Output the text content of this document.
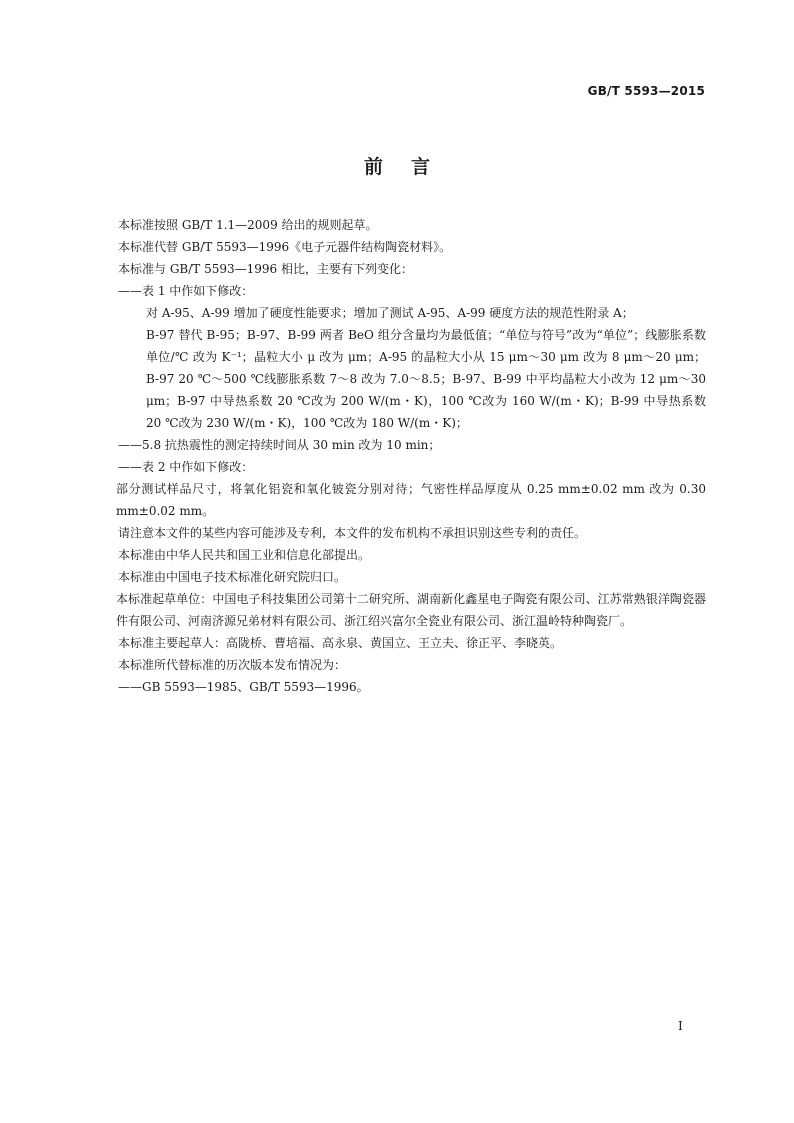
GB/T 5593—2015
前言

本标准按照 GB/T 1.1—2009 给出的规则起草。

本标准代替 GB/T 5593—1996《电子元器件结构陶瓷材料》。

本标准与 GB/T 5593—1996 相比，主要有下列变化：

——表 1 中作如下修改：

对 A-95、A-99 增加了硬度性能要求；增加了测试 A-95、A-99 硬度方法的规范性附录 A；

B-97 替代 B-95；B-97、B-99 两者 BeO 组分含量均为最低值；“单位与符号”改为“单位”；线膨胀系数单位/℃ 改为 K⁻¹；晶粒大小 μ 改为 μm；A-95 的晶粒大小从 15 μm～30 μm 改为 8 μm～20 μm；B-97 20 ℃～500 ℃线膨胀系数 7～8 改为 7.0～8.5；B-97、B-99 中平均晶粒大小改为 12 μm～30 μm；B-97 中导热系数 20 ℃改为 200 W/(m・K)，100 ℃改为 160 W/(m・K)；B-99 中导热系数 20 ℃改为 230 W/(m・K)，100 ℃改为 180 W/(m・K)；

——5.8 抗热震性的测定持续时间从 30 min 改为 10 min；

——表 2 中作如下修改：

部分测试样品尺寸，将氧化铝瓷和氧化铍瓷分别对待；气密性样品厚度从 0.25 mm±0.02 mm 改为 0.30 mm±0.02 mm。

请注意本文件的某些内容可能涉及专利，本文件的发布机构不承担识别这些专利的责任。

本标准由中华人民共和国工业和信息化部提出。

本标准由中国电子技术标准化研究院归口。

本标准起草单位：中国电子科技集团公司第十二研究所、湖南新化鑫星电子陶瓷有限公司、江苏常熟银洋陶瓷器件有限公司、河南济源兄弟材料有限公司、浙江绍兴富尔全瓷业有限公司、浙江温岭特种陶瓷厂。

本标准主要起草人：高陇桥、曹培福、高永泉、黄国立、王立夫、徐正平、李晓英。

本标准所代替标准的历次版本发布情况为：

——GB 5593—1985、GB/T 5593—1996。

I
